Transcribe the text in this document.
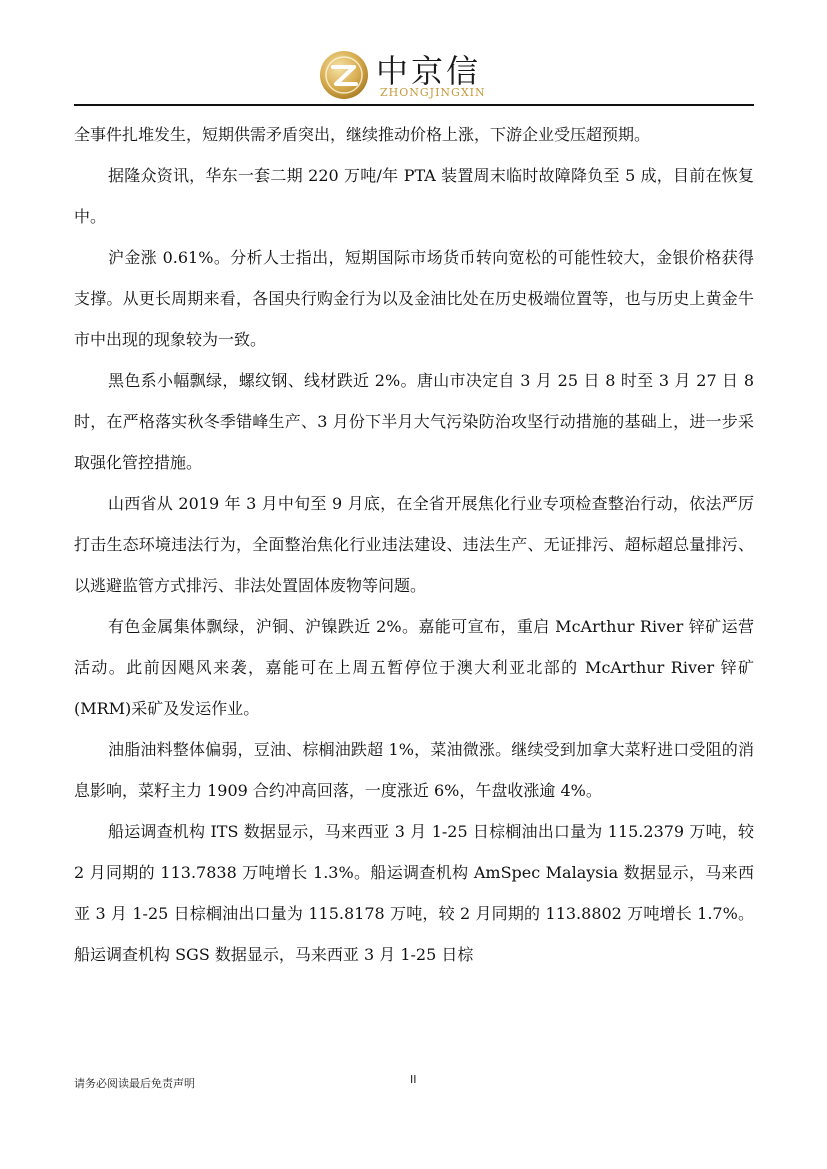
中京信
ZHONGJINGXIN

全事件扎堆发生，短期供需矛盾突出，继续推动价格上涨，下游企业受压超预期。

据隆众资讯，华东一套二期 220 万吨/年 PTA 装置周末临时故障降负至 5 成，目前在恢复中。

沪金涨 0.61%。分析人士指出，短期国际市场货币转向宽松的可能性较大，金银价格获得支撑。从更长周期来看，各国央行购金行为以及金油比处在历史极端位置等，也与历史上黄金牛市中出现的现象较为一致。

黑色系小幅飘绿，螺纹钢、线材跌近 2%。唐山市决定自 3 月 25 日 8 时至 3 月 27 日 8 时，在严格落实秋冬季错峰生产、3 月份下半月大气污染防治攻坚行动措施的基础上，进一步采取强化管控措施。

山西省从 2019 年 3 月中旬至 9 月底，在全省开展焦化行业专项检查整治行动，依法严厉打击生态环境违法行为，全面整治焦化行业违法建设、违法生产、无证排污、超标超总量排污、以逃避监管方式排污、非法处置固体废物等问题。

有色金属集体飘绿，沪铜、沪镍跌近 2%。嘉能可宣布，重启 McArthur River 锌矿运营活动。此前因飓风来袭，嘉能可在上周五暂停位于澳大利亚北部的 McArthur River 锌矿(MRM)采矿及发运作业。

油脂油料整体偏弱，豆油、棕榈油跌超 1%，菜油微涨。继续受到加拿大菜籽进口受阻的消息影响，菜籽主力 1909 合约冲高回落，一度涨近 6%，午盘收涨逾 4%。

船运调查机构 ITS 数据显示，马来西亚 3 月 1-25 日棕榈油出口量为 115.2379 万吨，较 2 月同期的 113.7838 万吨增长 1.3%。船运调查机构 AmSpec Malaysia 数据显示，马来西亚 3 月 1-25 日棕榈油出口量为 115.8178 万吨，较 2 月同期的 113.8802 万吨增长 1.7%。船运调查机构 SGS 数据显示，马来西亚 3 月 1-25 日棕

请务必阅读最后免责声明	II
